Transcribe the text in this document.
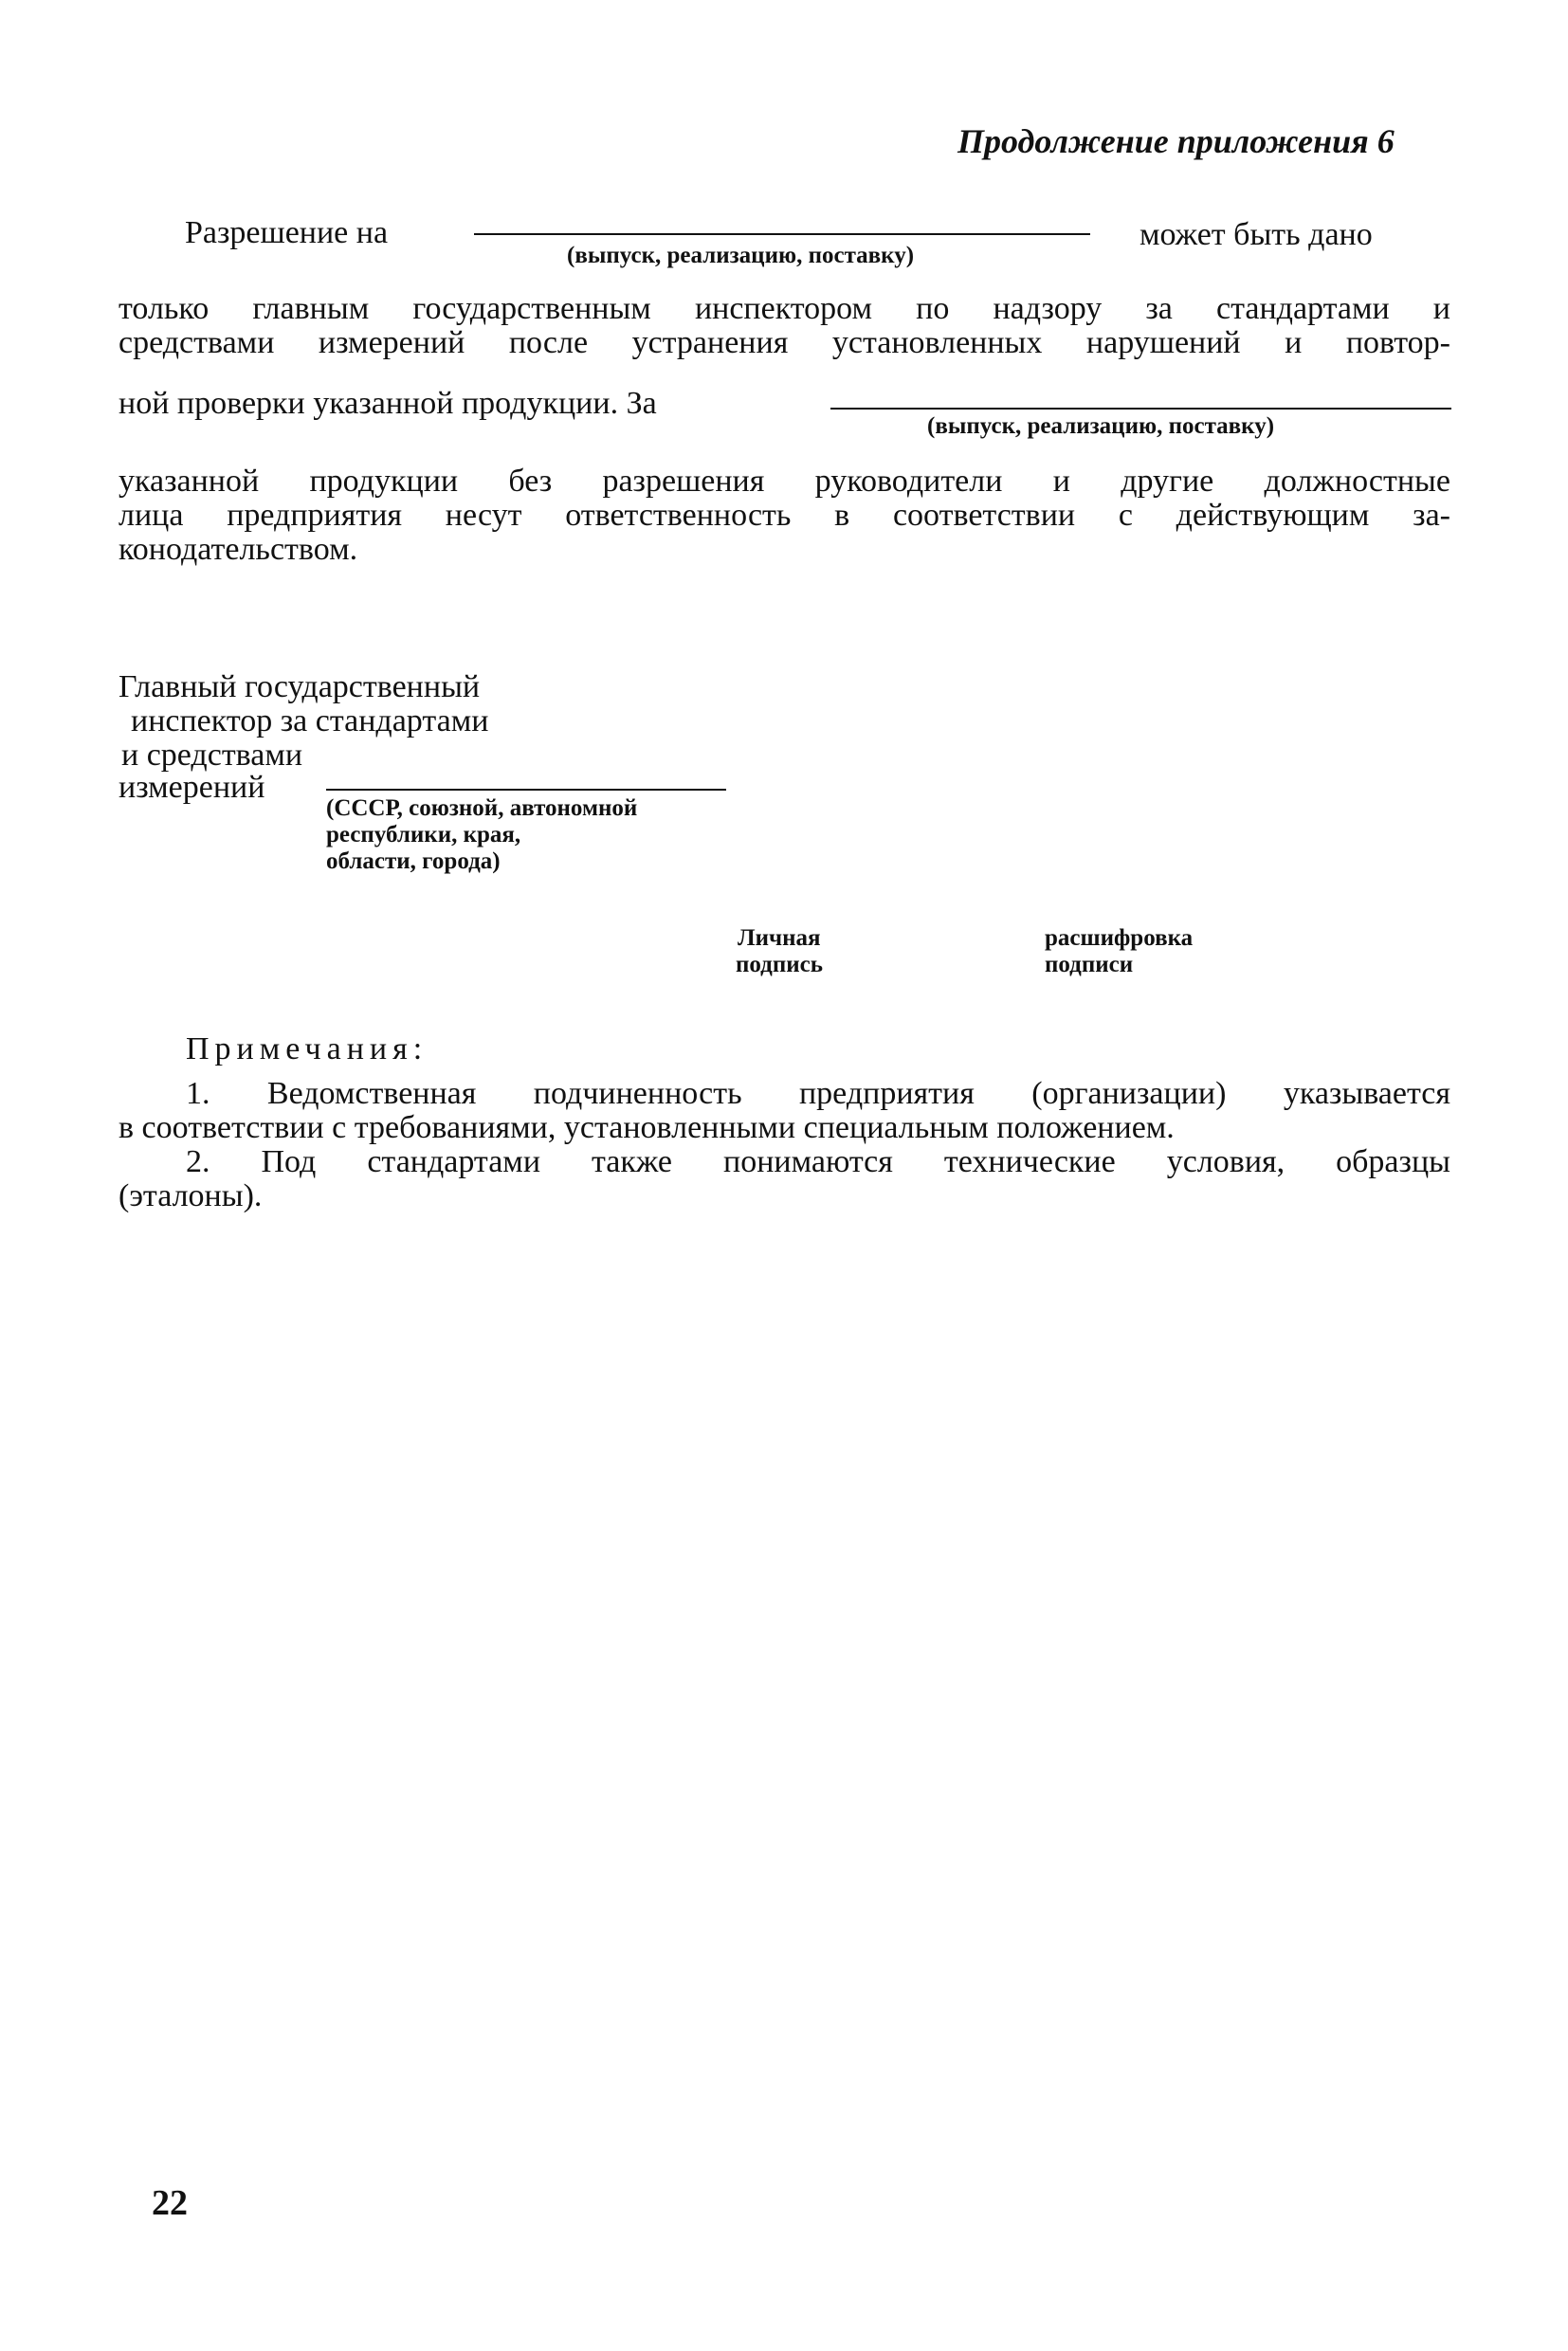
Продолжение приложения 6
Разрешение на
(выпуск, реализацию, поставку)
может быть дано
только главным государственным инспектором по надзору за стандартами и
средствами измерений после устранения установленных нарушений и повтор-
ной проверки указанной продукции. За
(выпуск, реализацию, поставку)
указанной продукции без разрешения руководители и другие должностные
лица предприятия несут ответственность в соответствии с действующим за-
конодательством.
Главный государственный
инспектор за стандартами
и средствами
измерений
(СССР, союзной, автономной
республики, края,
области, города)
Личная
подпись
расшифровка
подписи
Примечания:
1. Ведомственная подчиненность предприятия (организации) указывается
в соответствии с требованиями, установленными специальным положением.
2. Под стандартами также понимаются технические условия, образцы
(эталоны).
22
